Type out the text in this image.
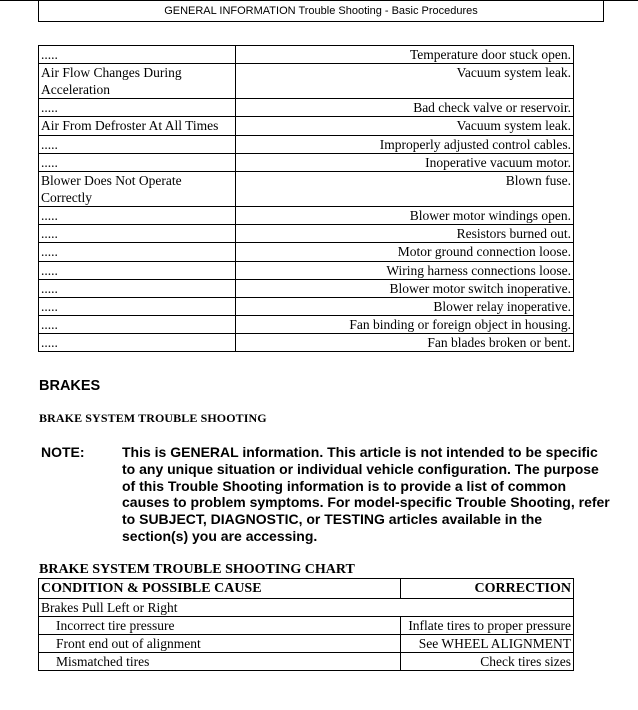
GENERAL INFORMATION Trouble Shooting - Basic Procedures
.....	Temperature door stuck open.
Air Flow Changes During Acceleration	Vacuum system leak.
.....	Bad check valve or reservoir.
Air From Defroster At All Times	Vacuum system leak.
.....	Improperly adjusted control cables.
.....	Inoperative vacuum motor.
Blower Does Not Operate Correctly	Blown fuse.
.....	Blower motor windings open.
.....	Resistors burned out.
.....	Motor ground connection loose.
.....	Wiring harness connections loose.
.....	Blower motor switch inoperative.
.....	Blower relay inoperative.
.....	Fan binding or foreign object in housing.
.....	Fan blades broken or bent.
BRAKES
BRAKE SYSTEM TROUBLE SHOOTING
NOTE:	This is GENERAL information. This article is not intended to be specific to any unique situation or individual vehicle configuration. The purpose of this Trouble Shooting information is to provide a list of common causes to problem symptoms. For model-specific Trouble Shooting, refer to SUBJECT, DIAGNOSTIC, or TESTING articles available in the section(s) you are accessing.
BRAKE SYSTEM TROUBLE SHOOTING CHART
CONDITION & POSSIBLE CAUSE	CORRECTION
Brakes Pull Left or Right	
Incorrect tire pressure	Inflate tires to proper pressure
Front end out of alignment	See WHEEL ALIGNMENT
Mismatched tires	Check tires sizes
